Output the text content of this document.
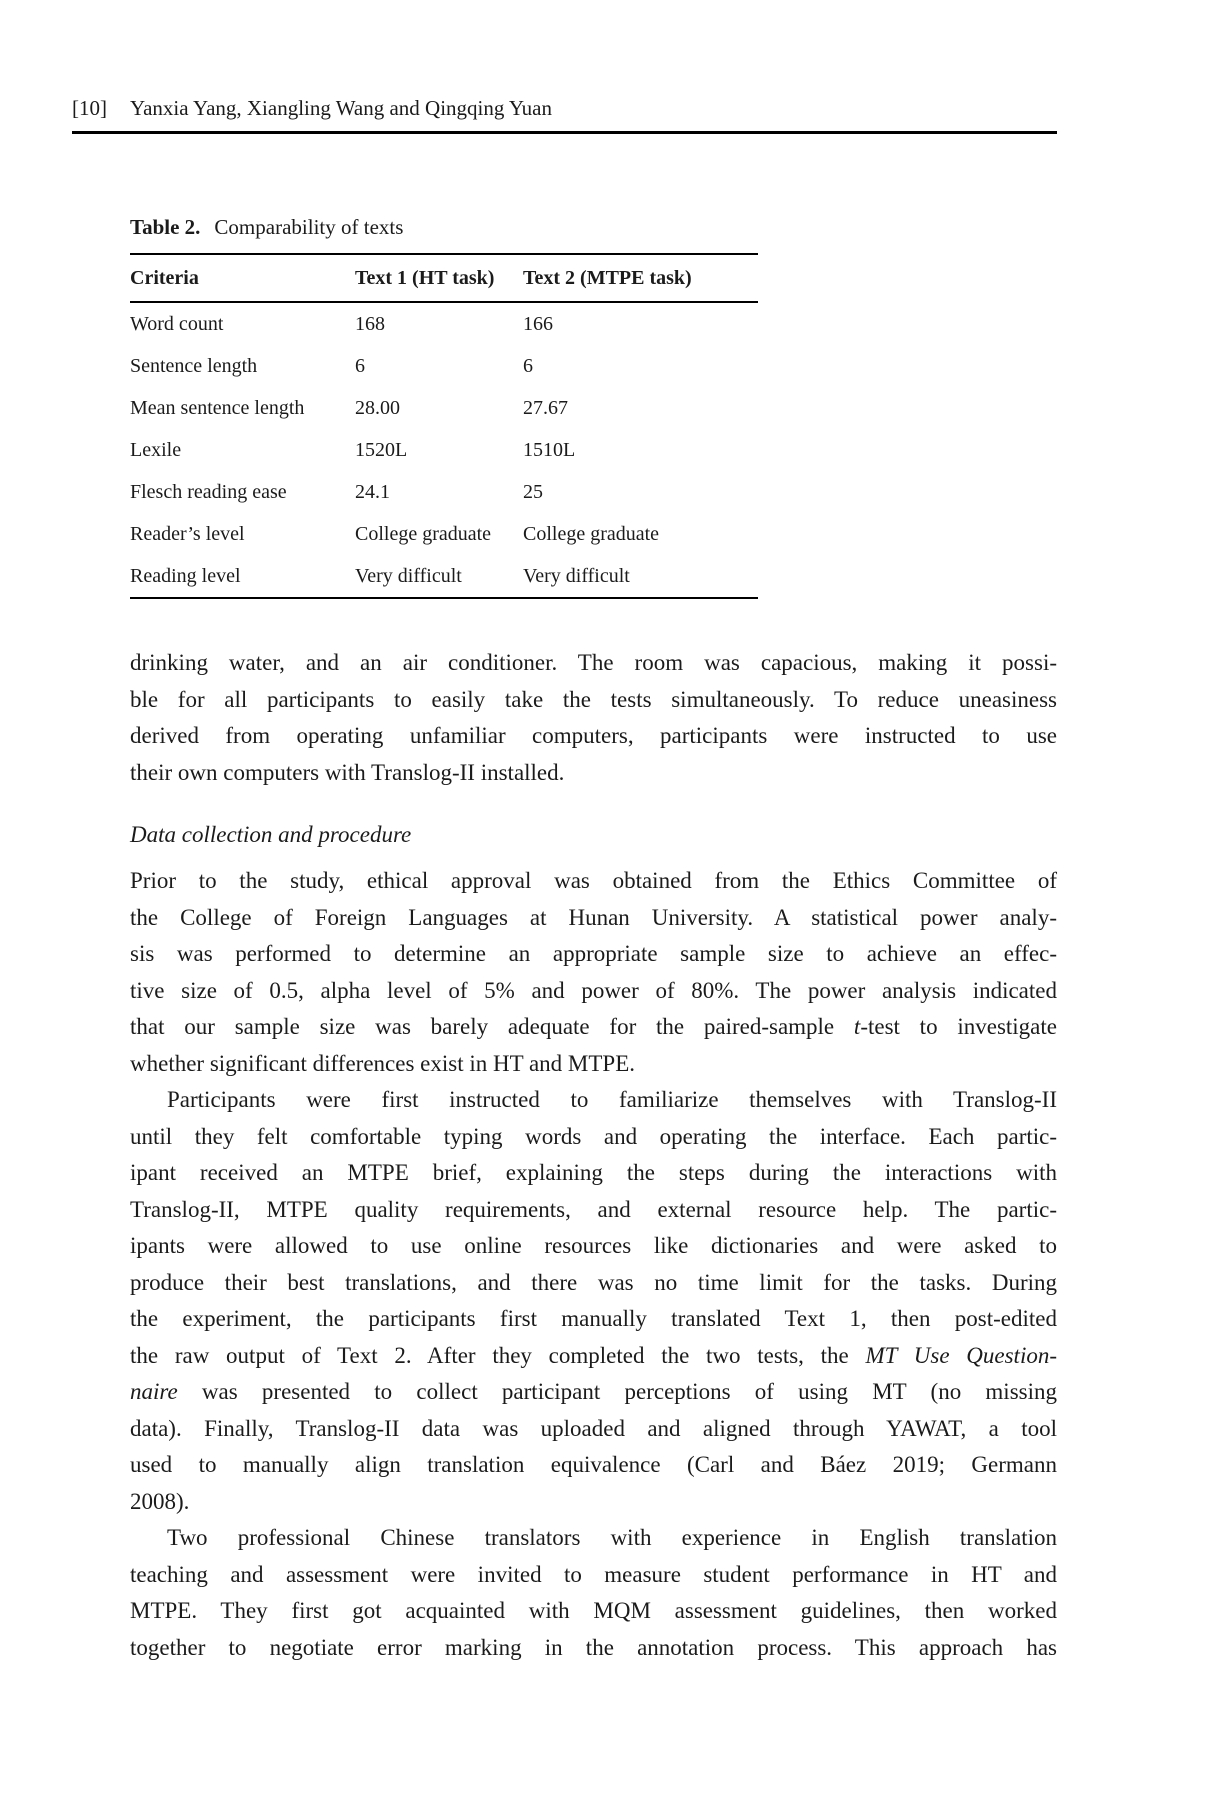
[10]	Yanxia Yang, Xiangling Wang and Qingqing Yuan
Table 2. Comparability of texts
Criteria	Text 1 (HT task)	Text 2 (MTPE task)
Word count	168	166
Sentence length	6	6
Mean sentence length	28.00	27.67
Lexile	1520L	1510L
Flesch reading ease	24.1	25
Reader’s level	College graduate	College graduate
Reading level	Very difficult	Very difficult
drinking water, and an air conditioner. The room was capacious, making it possi-
ble for all participants to easily take the tests simultaneously. To reduce uneasiness
derived from operating unfamiliar computers, participants were instructed to use
their own computers with Translog-II installed.
Data collection and procedure
Prior to the study, ethical approval was obtained from the Ethics Committee of
the College of Foreign Languages at Hunan University. A statistical power analy-
sis was performed to determine an appropriate sample size to achieve an effec-
tive size of 0.5, alpha level of 5% and power of 80%. The power analysis indicated
that our sample size was barely adequate for the paired-sample t-test to investigate
whether significant differences exist in HT and MTPE.
Participants were first instructed to familiarize themselves with Translog-II
until they felt comfortable typing words and operating the interface. Each partic-
ipant received an MTPE brief, explaining the steps during the interactions with
Translog-II, MTPE quality requirements, and external resource help. The partic-
ipants were allowed to use online resources like dictionaries and were asked to
produce their best translations, and there was no time limit for the tasks. During
the experiment, the participants first manually translated Text 1, then post-edited
the raw output of Text 2. After they completed the two tests, the MT Use Question-
naire was presented to collect participant perceptions of using MT (no missing
data). Finally, Translog-II data was uploaded and aligned through YAWAT, a tool
used to manually align translation equivalence (Carl and Báez 2019; Germann
2008).
Two professional Chinese translators with experience in English translation
teaching and assessment were invited to measure student performance in HT and
MTPE. They first got acquainted with MQM assessment guidelines, then worked
together to negotiate error marking in the annotation process. This approach has
